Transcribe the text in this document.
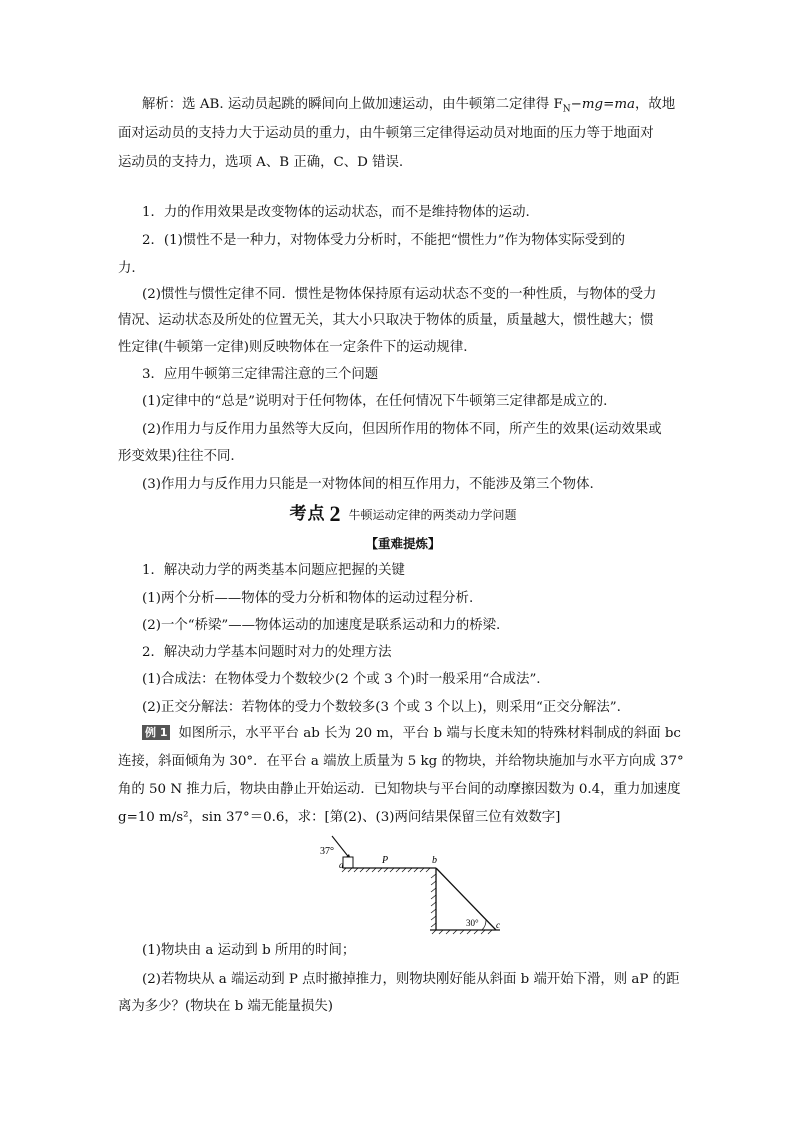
解析：选 AB. 运动员起跳的瞬间向上做加速运动，由牛顿第二定律得 $F_N-mg=ma$，故地
面对运动员的支持力大于运动员的重力，由牛顿第三定律得运动员对地面的压力等于地面对
运动员的支持力，选项 A、B 正确，C、D 错误.
1．力的作用效果是改变物体的运动状态，而不是维持物体的运动.
2．(1)惯性不是一种力，对物体受力分析时，不能把“惯性力”作为物体实际受到的
力.
(2)惯性与惯性定律不同．惯性是物体保持原有运动状态不变的一种性质，与物体的受力
情况、运动状态及所处的位置无关，其大小只取决于物体的质量，质量越大，惯性越大；惯
性定律(牛顿第一定律)则反映物体在一定条件下的运动规律.
3．应用牛顿第三定律需注意的三个问题
(1)定律中的“总是”说明对于任何物体，在任何情况下牛顿第三定律都是成立的.
(2)作用力与反作用力虽然等大反向，但因所作用的物体不同，所产生的效果(运动效果或
形变效果)往往不同.
(3)作用力与反作用力只能是一对物体间的相互作用力，不能涉及第三个物体.
考点 2 牛顿运动定律的两类动力学问题
【重难提炼】
1．解决动力学的两类基本问题应把握的关键
(1)两个分析——物体的受力分析和物体的运动过程分析.
(2)一个“桥梁”——物体运动的加速度是联系运动和力的桥梁.
2．解决动力学基本问题时对力的处理方法
(1)合成法：在物体受力个数较少(2 个或 3 个)时一般采用“合成法”.
(2)正交分解法：若物体的受力个数较多(3 个或 3 个以上)，则采用“正交分解法”.
例 1 如图所示，水平平台 ab 长为 20 m，平台 b 端与长度未知的特殊材料制成的斜面 bc
连接，斜面倾角为 30°．在平台 a 端放上质量为 5 kg 的物块，并给物块施加与水平方向成 37°
角的 50 N 推力后，物块由静止开始运动．已知物块与平台间的动摩擦因数为 0.4，重力加速度
g=10 m/s²，sin 37°＝0.6，求：[第(2)、(3)两问结果保留三位有效数字]
37°
a	P	b
30° c
(1)物块由 a 运动到 b 所用的时间；
(2)若物块从 a 端运动到 P 点时撤掉推力，则物块刚好能从斜面 b 端开始下滑，则 aP 的距
离为多少？(物块在 b 端无能量损失)
